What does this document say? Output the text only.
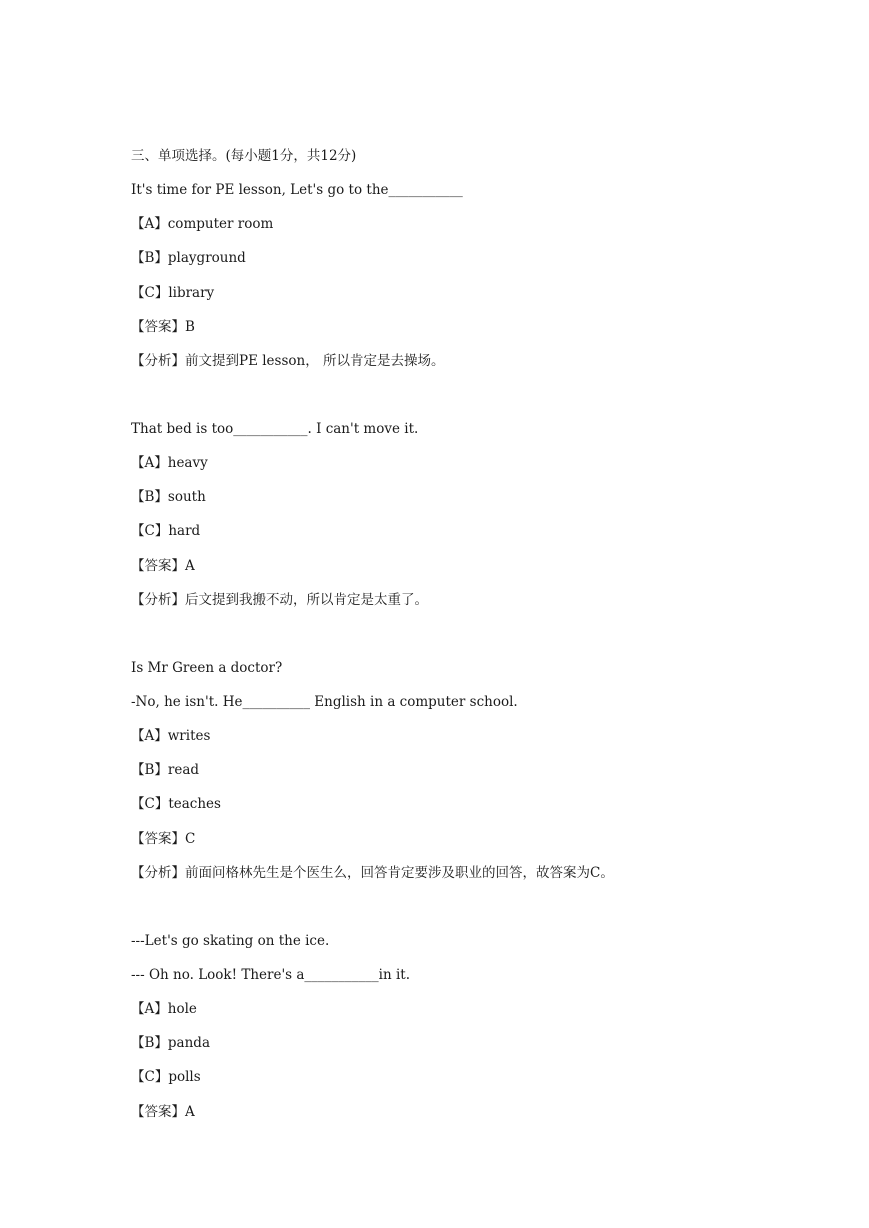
三、单项选择。(每小题1分，共12分)
It's time for PE lesson, Let's go to the___________
【A】computer room
【B】playground
【C】library
【答案】B
【分析】前文提到PE lesson， 所以肯定是去操场。
That bed is too___________. I can't move it.
【A】heavy
【B】south
【C】hard
【答案】A
【分析】后文提到我搬不动，所以肯定是太重了。
Is Mr Green a doctor?
-No, he isn't. He__________ English in a computer school.
【A】writes
【B】read
【C】teaches
【答案】C
【分析】前面问格林先生是个医生么，回答肯定要涉及职业的回答，故答案为C。
---Let's go skating on the ice.
--- Oh no. Look! There's a___________in it.
【A】hole
【B】panda
【C】polls
【答案】A
